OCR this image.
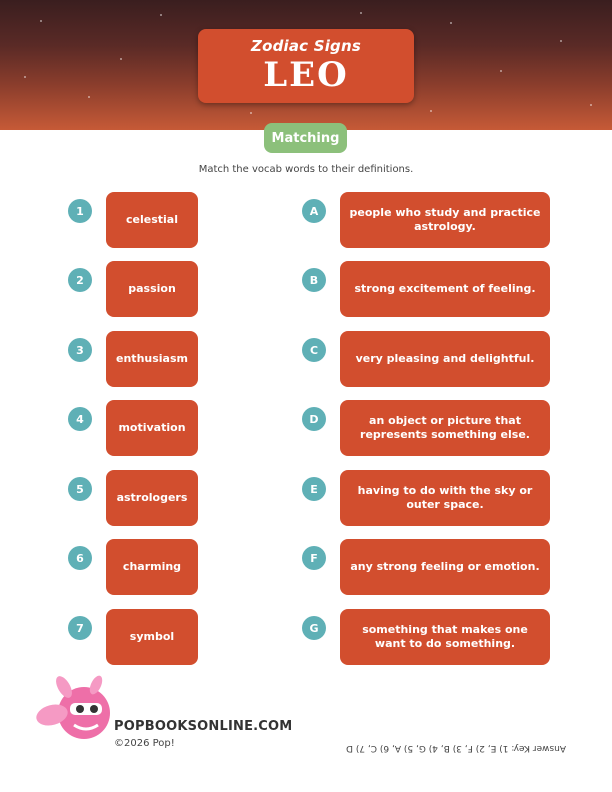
Zodiac Signs
LEO
Matching
Match the vocab words to their definitions.
1
celestial
2
passion
3
enthusiasm
4
motivation
5
astrologers
6
charming
7
symbol
A	people who study and practice astrology.
B
strong excitement of feeling.
C
very pleasing and delightful.
D	an object or picture that represents something else.
E	having to do with the sky or outer space.
F
any strong feeling or emotion.
G	something that makes one want to do something.
POPBOOKSONLINE.COM
©2026 Pop!	Answer Key: 1) E, 2) F, 3) B, 4) G, 5) A, 6) C, 7) D
